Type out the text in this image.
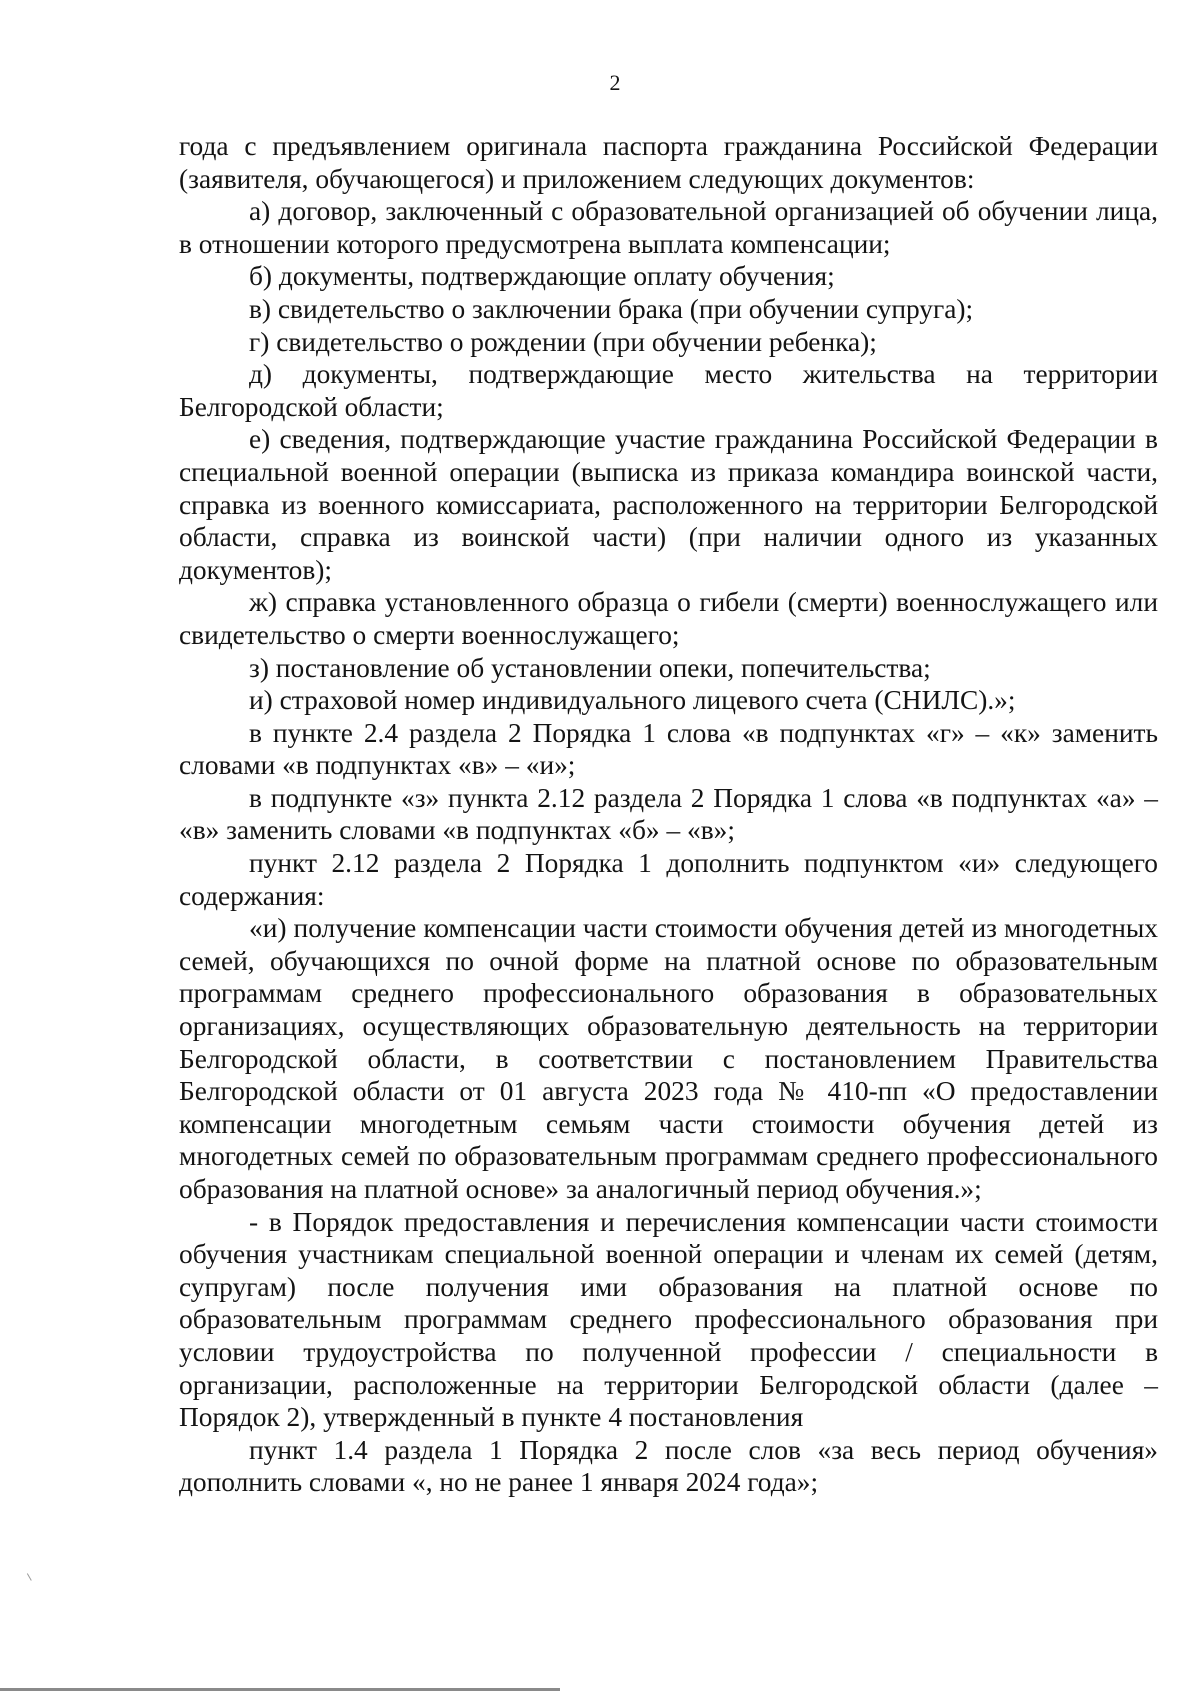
2

года с предъявлением оригинала паспорта гражданина Российской Федерации (заявителя, обучающегося) и приложением следующих документов:

а) договор, заключенный с образовательной организацией об обучении лица, в отношении которого предусмотрена выплата компенсации;

б) документы, подтверждающие оплату обучения;

в) свидетельство о заключении брака (при обучении супруга);

г) свидетельство о рождении (при обучении ребенка);

д) документы, подтверждающие место жительства на территории Белгородской области;

е) сведения, подтверждающие участие гражданина Российской Федерации в специальной военной операции (выписка из приказа командира воинской части, справка из военного комиссариата, расположенного на территории Белгородской области, справка из воинской части) (при наличии одного из указанных документов);

ж) справка установленного образца о гибели (смерти) военнослужащего или свидетельство о смерти военнослужащего;

з) постановление об установлении опеки, попечительства;

и) страховой номер индивидуального лицевого счета (СНИЛС).»;

в пункте 2.4 раздела 2 Порядка 1 слова «в подпунктах «г» – «к» заменить словами «в подпунктах «в» – «и»;

в подпункте «з» пункта 2.12 раздела 2 Порядка 1 слова «в подпунктах «а» – «в» заменить словами «в подпунктах «б» – «в»;

пункт 2.12 раздела 2 Порядка 1 дополнить подпунктом «и» следующего содержания:

«и) получение компенсации части стоимости обучения детей из многодетных семей, обучающихся по очной форме на платной основе по образовательным программам среднего профессионального образования в образовательных организациях, осуществляющих образовательную деятельность на территории Белгородской области, в соответствии с постановлением Правительства Белгородской области от 01 августа 2023 года № 410-пп «О предоставлении компенсации многодетным семьям части стоимости обучения детей из многодетных семей по образовательным программам среднего профессионального образования на платной основе» за аналогичный период обучения.»;

- в Порядок предоставления и перечисления компенсации части стоимости обучения участникам специальной военной операции и членам их семей (детям, супругам) после получения ими образования на платной основе по образовательным программам среднего профессионального образования при условии трудоустройства по полученной профессии / специальности в организации, расположенные на территории Белгородской области (далее – Порядок 2), утвержденный в пункте 4 постановления

пункт 1.4 раздела 1 Порядка 2 после слов «за весь период обучения» дополнить словами «, но не ранее 1 января 2024 года»;
